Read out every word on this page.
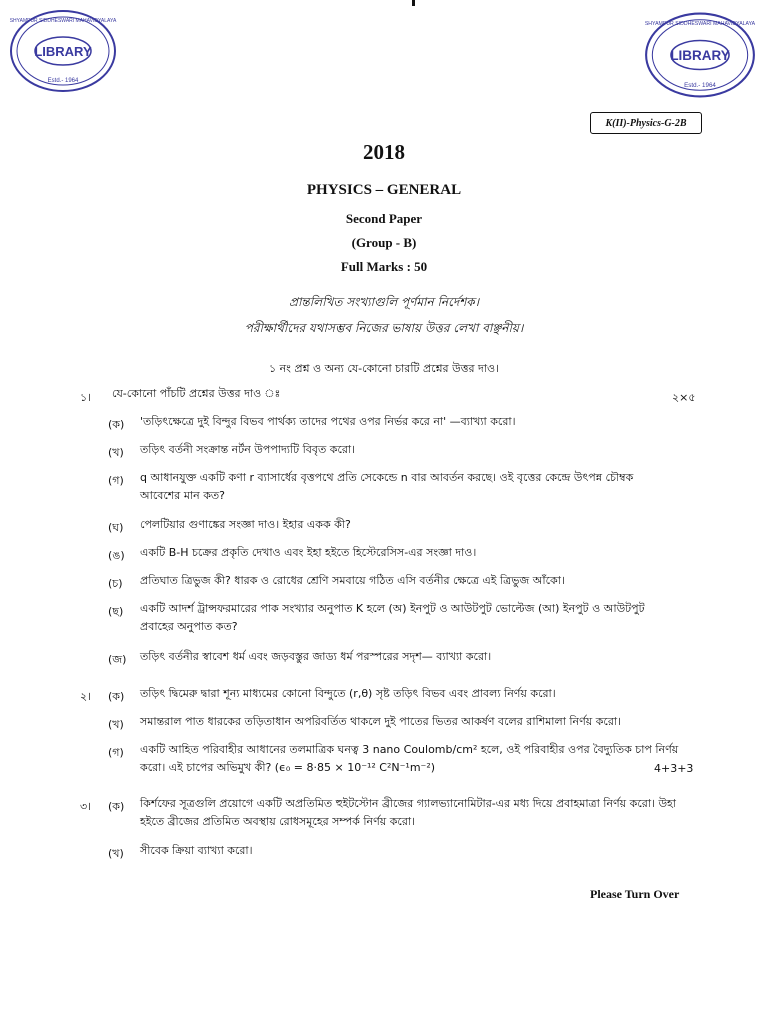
LIBRARY
Estd.- 1964
SHYAMPUR SIDDHESWARI MAHAVIDYALAYA
LIBRARY
Estd.- 1964
SHYAMPUR SIDDHESWARI MAHAVIDYALAYA
K(II)-Physics-G-2B
2018
PHYSICS – GENERAL
Second Paper
(Group - B)
Full Marks : 50
প্রান্তলিখিত সংখ্যাগুলি পূর্ণমান নির্দেশক।
পরীক্ষার্থীদের যথাসম্ভব নিজের ভাষায় উত্তর লেখা বাঞ্ছনীয়।
১ নং প্রশ্ন ও অন্য যে-কোনো চারটি প্রশ্নের উত্তর দাও।
১। যে-কোনো পাঁচটি প্রশ্নের উত্তর দাও ঃ	২×৫
(ক) 'তড়িৎক্ষেত্রে দুই বিন্দুর বিভব পার্থক্য তাদের পথের ওপর নির্ভর করে না' —ব্যাখ্যা করো।
(খ) তড়িৎ বর্তনী সংক্রান্ত নর্টন উপপাদ্যটি বিবৃত করো।
(গ) q আধানযুক্ত একটি কণা r ব্যাসার্ধের বৃত্তপথে প্রতি সেকেন্ডে n বার আবর্তন করছে। ওই বৃত্তের কেন্দ্রে উৎপন্ন চৌম্বক
আবেশের মান কত?
(ঘ) পেলটিয়ার গুণাঙ্কের সংজ্ঞা দাও। ইহার একক কী?
(ঙ) একটি B-H চক্রের প্রকৃতি দেখাও এবং ইহা হইতে হিস্টেরেসিস-এর সংজ্ঞা দাও।
(চ) প্রতিঘাত ত্রিভুজ কী? ধারক ও রোধের শ্রেণি সমবায়ে গঠিত এসি বর্তনীর ক্ষেত্রে এই ত্রিভুজ আঁকো।
(ছ) একটি আদর্শ ট্রান্সফরমারের পাক সংখ্যার অনুপাত K হলে (অ) ইনপুট ও আউটপুট ভোল্টেজ (আ) ইনপুট ও আউটপুট
প্রবাহের অনুপাত কত?
(জ) তড়িৎ বর্তনীর স্বাবেশ ধর্ম এবং জড়বস্তুর জাড্য ধর্ম পরস্পরের সদৃশ— ব্যাখ্যা করো।
২। (ক) তড়িৎ দ্বিমেরু দ্বারা শূন্য মাধ্যমের কোনো বিন্দুতে (r,θ) সৃষ্ট তড়িৎ বিভব এবং প্রাবল্য নির্ণয় করো।
(খ) সমান্তরাল পাত ধারকের তড়িতাধান অপরিবর্তিত থাকলে দুই পাতের ভিতর আকর্ষণ বলের রাশিমালা নির্ণয় করো।
(গ) একটি আহিত পরিবাহীর আধানের তলমাত্রিক ঘনত্ব 3 nano Coulomb/cm² হলে, ওই পরিবাহীর ওপর বৈদ্যুতিক চাপ নির্ণয়
করো। এই চাপের অভিমুখ কী? (ϵ₀ = 8·85 × 10⁻¹² C²N⁻¹m⁻²)	4+3+3
৩। (ক) কির্শফের সূত্রগুলি প্রয়োগে একটি অপ্রতিমিত হুইটস্টোন ব্রীজের গ্যালভ্যানোমিটার-এর মধ্য দিয়ে প্রবাহমাত্রা নির্ণয় করো। উহা
হইতে ব্রীজের প্রতিমিত অবস্থায় রোধসমূহের সম্পর্ক নির্ণয় করো।
(খ) সীবেক ক্রিয়া ব্যাখ্যা করো।
Please Turn Over
